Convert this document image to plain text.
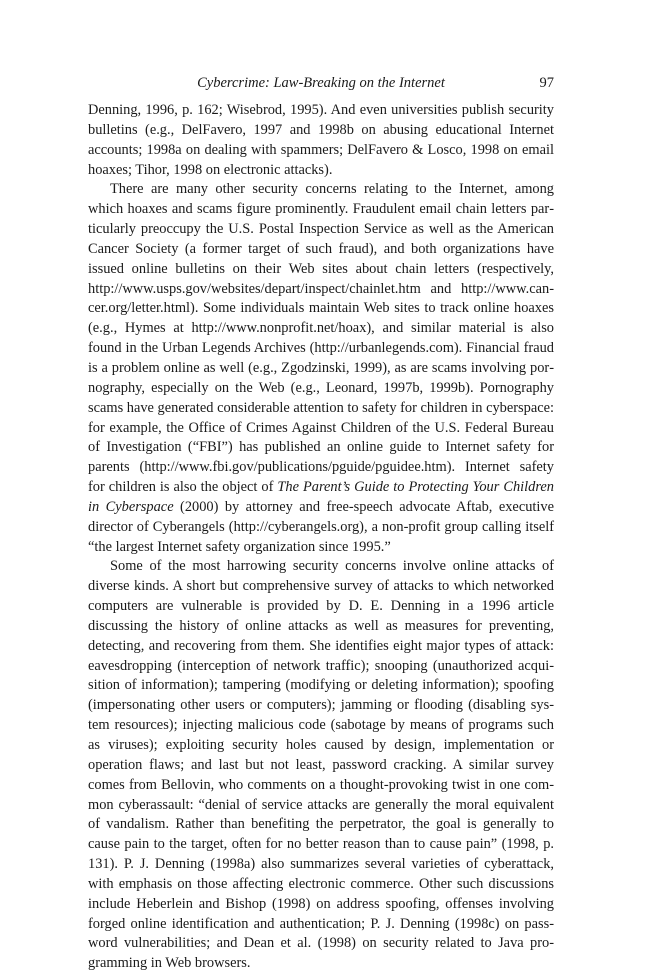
Cybercrime: Law-Breaking on the Internet	97

Denning, 1996, p. 162; Wisebrod, 1995). And even universities publish security bulletins (e.g., DelFavero, 1997 and 1998b on abusing educational Internet accounts; 1998a on dealing with spammers; DelFavero & Losco, 1998 on email hoaxes; Tihor, 1998 on electronic attacks).

There are many other security concerns relating to the Internet, among which hoaxes and scams figure prominently. Fraudulent email chain letters particularly preoccupy the U.S. Postal Inspection Service as well as the American Cancer Society (a former target of such fraud), and both organizations have issued online bulletins on their Web sites about chain letters (respectively, http://www.usps.gov/websites/depart/inspect/chainlet.htm and http://www.cancer.org/letter.html). Some individuals maintain Web sites to track online hoaxes (e.g., Hymes at http://www.nonprofit.net/hoax), and similar material is also found in the Urban Legends Archives (http://urbanlegends.com). Financial fraud is a problem online as well (e.g., Zgodzinski, 1999), as are scams involving pornography, especially on the Web (e.g., Leonard, 1997b, 1999b). Pornography scams have generated considerable attention to safety for children in cyberspace: for example, the Office of Crimes Against Children of the U.S. Federal Bureau of Investigation (“FBI”) has published an online guide to Internet safety for parents (http://www.fbi.gov/publications/pguide/pguidee.htm). Internet safety for children is also the object of The Parent’s Guide to Protecting Your Children in Cyberspace (2000) by attorney and free-speech advocate Aftab, executive director of Cyberangels (http://cyberangels.org), a non-profit group calling itself “the largest Internet safety organization since 1995.”

Some of the most harrowing security concerns involve online attacks of diverse kinds. A short but comprehensive survey of attacks to which networked computers are vulnerable is provided by D. E. Denning in a 1996 article discussing the history of online attacks as well as measures for preventing, detecting, and recovering from them. She identifies eight major types of attack: eavesdropping (interception of network traffic); snooping (unauthorized acquisition of information); tampering (modifying or deleting information); spoofing (impersonating other users or computers); jamming or flooding (disabling system resources); injecting malicious code (sabotage by means of programs such as viruses); exploiting security holes caused by design, implementation or operation flaws; and last but not least, password cracking. A similar survey comes from Bellovin, who comments on a thought-provoking twist in one common cyberassault: “denial of service attacks are generally the moral equivalent of vandalism. Rather than benefiting the perpetrator, the goal is generally to cause pain to the target, often for no better reason than to cause pain” (1998, p. 131). P. J. Denning (1998a) also summarizes several varieties of cyberattack, with emphasis on those affecting electronic commerce. Other such discussions include Heberlein and Bishop (1998) on address spoofing, offenses involving forged online identification and authentication; P. J. Denning (1998c) on password vulnerabilities; and Dean et al. (1998) on security related to Java programming in Web browsers.
